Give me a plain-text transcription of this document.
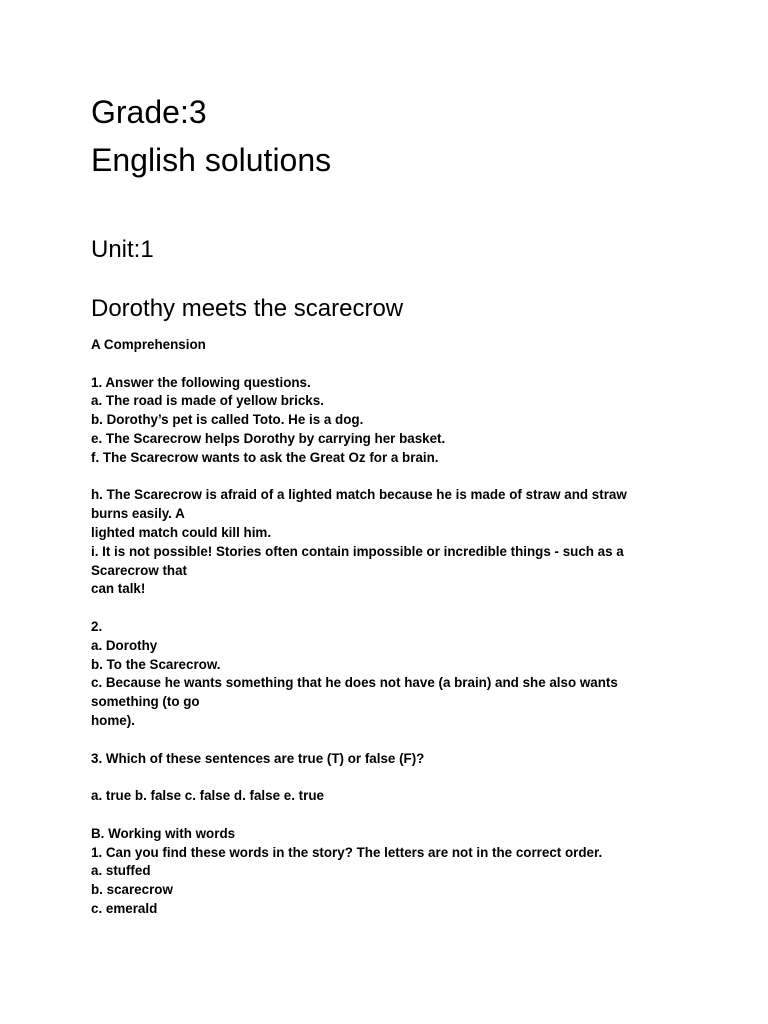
Grade:3
English solutions
Unit:1
Dorothy meets the scarecrow
A Comprehension
1. Answer the following questions.
a. The road is made of yellow bricks.
b. Dorothy’s pet is called Toto. He is a dog.
e. The Scarecrow helps Dorothy by carrying her basket.
f. The Scarecrow wants to ask the Great Oz for a brain.
h. The Scarecrow is afraid of a lighted match because he is made of straw and straw
burns easily. A
lighted match could kill him.
i. It is not possible! Stories often contain impossible or incredible things - such as a
Scarecrow that
can talk!
2.
a. Dorothy
b. To the Scarecrow.
c. Because he wants something that he does not have (a brain) and she also wants
something (to go
home).
3. Which of these sentences are true (T) or false (F)?
a. true b. false c. false d. false e. true
B. Working with words
1. Can you find these words in the story? The letters are not in the correct order.
a. stuffed
b. scarecrow
c. emerald
